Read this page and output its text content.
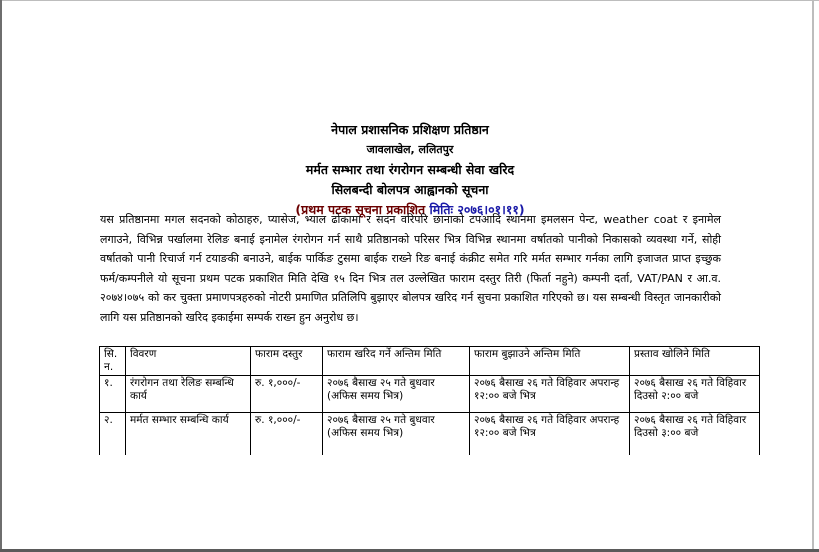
नेपाल प्रशासनिक प्रशिक्षण प्रतिष्ठान
जावलाखेल, ललितपुर
मर्मत सम्भार तथा रंगरोगन सम्बन्धी सेवा खरिद
सिलबन्दी बोलपत्र आह्वानको सूचना
(प्रथम पटक सूचना प्रकाशित मितिः २०७६।०१।११)
यस प्रतिष्ठानमा मगल सदनको कोठाहरु, प्यासेज, भ्याल ढोकामा र सदन वरिपरि छानाको टपआदि स्थानमा इमलसन पेन्ट, weather coat र इनामेल लगाउने, विभिन्न पर्खालमा रेलिङ बनाई इनामेल रंगरोगन गर्न साथै प्रतिष्ठानको परिसर भित्र विभिन्न स्थानमा वर्षातको पानीको निकासको व्यवस्था गर्ने, सोही वर्षातको पानी रिचार्ज गर्न टयाङकी बनाउने, बाईक पार्किङ टुसमा बाईक राख्ने रिङ बनाई कंक्रीट समेत गरि मर्मत सम्भार गर्नका लागि इजाजत प्राप्त इच्छुक फर्म/कम्पनीले यो सूचना प्रथम पटक प्रकाशित मिति देखि १५ दिन भित्र तल उल्लेखित फाराम दस्तुर तिरी (फिर्ता नहुने) कम्पनी दर्ता, VAT/PAN र आ.व. २०७४।०७५ को कर चुक्ता प्रमाणपत्रहरुको नोटरी प्रमाणित प्रतिलिपि बुझाएर बोलपत्र खरिद गर्न सुचना प्रकाशित गरिएको छ। यस सम्बन्धी विस्तृत जानकारीको लागि यस प्रतिष्ठानको खरिद इकाईमा सम्पर्क राख्न हुन अनुरोध छ।
सि. न.	विवरण	फाराम दस्तुर	फाराम खरिद गर्ने अन्तिम मिति	फाराम बुझाउने अन्तिम मिति	प्रस्ताव खोलिने मिति
१.	रंगरोगन तथा रेलिङ सम्बन्धि कार्य	रु. १,०००/-	२०७६ बैसाख २५ गते बुधवार (अफिस समय भित्र)	२०७६ बैसाख २६ गते विहिवार अपरान्ह १२:०० बजे भित्र	२०७६ बैसाख २६ गते विहिवार दिउसो २:०० बजे
२.	मर्मत सम्भार सम्बन्धि कार्य	रु. १,०००/-	२०७६ बैसाख २५ गते बुधवार (अफिस समय भित्र)	२०७६ बैसाख २६ गते विहिवार अपरान्ह १२:०० बजे भित्र	२०७६ बैसाख २६ गते विहिवार दिउसो ३:०० बजे
